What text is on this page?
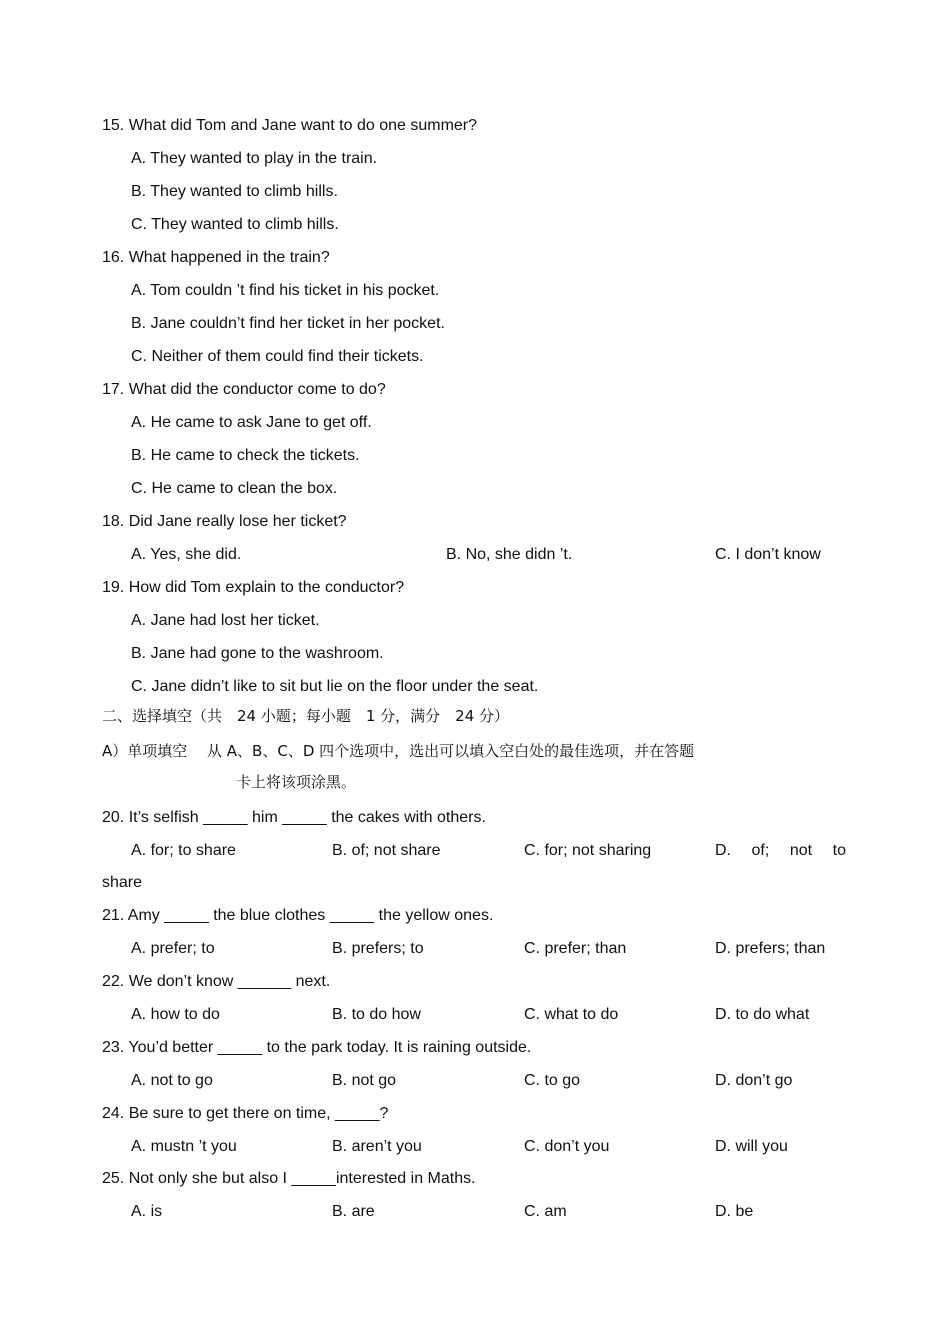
15. What did Tom and Jane want to do one summer?
A. They wanted to play in the train.
B. They wanted to climb hills.
C. They wanted to climb hills.
16. What happened in the train?
A. Tom couldn ’t find his ticket in his pocket.
B. Jane couldn’t find her ticket in her pocket.
C. Neither of them could find their tickets.
17. What did the conductor come to do?
A. He came to ask Jane to get off.
B. He came to check the tickets.
C. He came to clean the box.
18. Did Jane really lose her ticket?
A. Yes, she did.	B. No, she didn ’t.	C. I don’t know
19. How did Tom explain to the conductor?
A. Jane had lost her ticket.
B. Jane had gone to the washroom.
C. Jane didn’t like to sit but lie on the floor under the seat.
二、选择填空（共　24 小题；每小题　1 分，满分　24 分）
A）单项填空　 从 A、B、C、D 四个选项中，选出可以填入空白处的最佳选项，并在答题
卡上将该项涂黑。
20. It’s selfish _____ him _____ the cakes with others.
A. for; to share	B. of; not share	C. for; not sharing	D. of; not to
share
21. Amy _____ the blue clothes _____ the yellow ones.
A. prefer; to	B. prefers; to	C. prefer; than	D. prefers; than
22. We don’t know ______ next.
A. how to do	B. to do how	C. what to do	D. to do what
23. You’d better _____ to the park today. It is raining outside.
A. not to go	B. not go	C. to go	D. don’t go
24. Be sure to get there on time, _____?
A. mustn ’t you	B. aren’t you	C. don’t you	D. will you
25. Not only she but also I _____interested in Maths.
A. is	B. are	C. am	D. be
